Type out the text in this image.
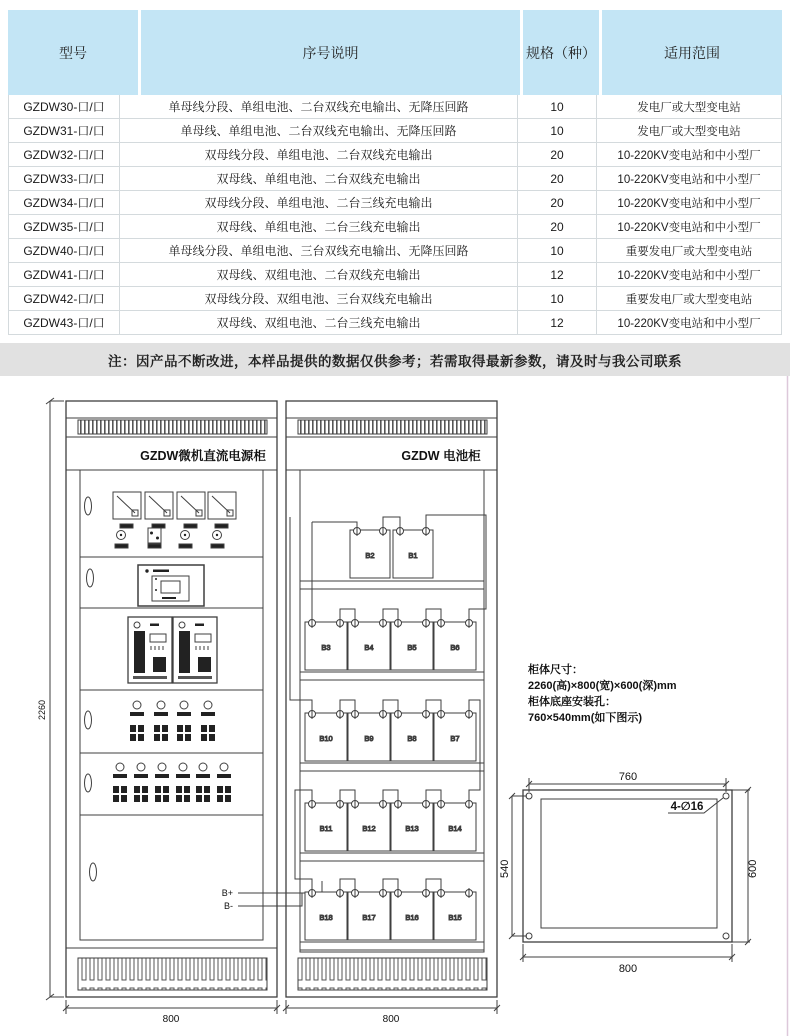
型号	序号说明	规格（种）	适用范围
GZDW30-口/口	单母线分段、单组电池、二台双线充电输出、无降压回路	10	发电厂或大型变电站
GZDW31-口/口	单母线、单组电池、二台双线充电输出、无降压回路	10	发电厂或大型变电站
GZDW32-口/口	双母线分段、单组电池、二台双线充电输出	20	10-220KV变电站和中小型厂
GZDW33-口/口	双母线、单组电池、二台双线充电输出	20	10-220KV变电站和中小型厂
GZDW34-口/口	双母线分段、单组电池、二台三线充电输出	20	10-220KV变电站和中小型厂
GZDW35-口/口	双母线、单组电池、二台三线充电输出	20	10-220KV变电站和中小型厂
GZDW40-口/口	单母线分段、单组电池、三台双线充电输出、无降压回路	10	重要发电厂或大型变电站
GZDW41-口/口	双母线、双组电池、二台双线充电输出	12	10-220KV变电站和中小型厂
GZDW42-口/口	双母线分段、双组电池、三台双线充电输出	10	重要发电厂或大型变电站
GZDW43-口/口	双母线、双组电池、二台三线充电输出	12	10-220KV变电站和中小型厂
注：因产品不断改进，本样品提供的数据仅供参考；若需取得最新参数，请及时与我公司联系
2260
GZDW微机直流电源柜
800
B+
B-
GZDW 电池柜
B2	B1
B3	B4	B5	B6
B10	B9	B8	B7
B11	B12	B13	B14
B18	B17	B16	B15
800
柜体尺寸：
2260(高)×800(宽)×600(深)mm
柜体底座安装孔：
760×540mm(如下图示)
4-∅16
760
540	600
800
